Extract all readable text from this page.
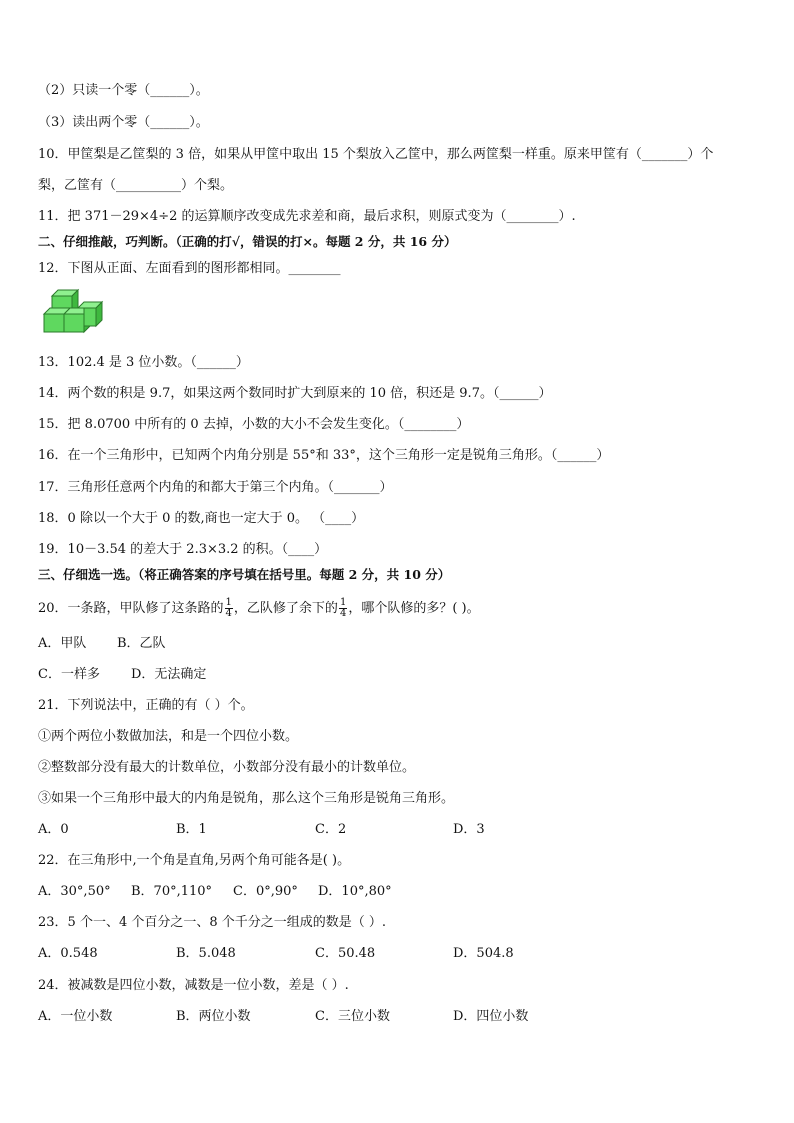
（2）只读一个零（______）。
（3）读出两个零（______）。
10．甲筐梨是乙筐梨的 3 倍，如果从甲筐中取出 15 个梨放入乙筐中，那么两筐梨一样重。原来甲筐有（_______）个
梨，乙筐有（__________）个梨。
11．把 371－29×4÷2 的运算顺序改变成先求差和商，最后求积，则原式变为（________）.
二、仔细推敲，巧判断。（正确的打√，错误的打×。每题 2 分，共 16 分）
12．下图从正面、左面看到的图形都相同。________
13．102.4 是 3 位小数。（______）
14．两个数的积是 9.7，如果这两个数同时扩大到原来的 10 倍，积还是 9.7。（______）
15．把 8.0700 中所有的 0 去掉，小数的大小不会发生变化。（________）
16．在一个三角形中，已知两个内角分别是 55°和 33°，这个三角形一定是锐角三角形。（______）
17．三角形任意两个内角的和都大于第三个内角。（_______）
18．0 除以一个大于 0 的数,商也一定大于 0。 （____）
19．10－3.54 的差大于 2.3×3.2 的积。（____）
三、仔细选一选。（将正确答案的序号填在括号里。每题 2 分，共 10 分）
20．一条路，甲队修了这条路的 $\frac{1}{4}$ ，乙队修了余下的 $\frac{1}{4}$ ，哪个队修的多？( )。
A．甲队 B．乙队
C．一样多 D．无法确定
21．下列说法中，正确的有（ ）个。
①两个两位小数做加法，和是一个四位小数。
②整数部分没有最大的计数单位，小数部分没有最小的计数单位。
③如果一个三角形中最大的内角是锐角，那么这个三角形是锐角三角形。
A．0	B．1	C．2	D．3
22．在三角形中,一个角是直角,另两个角可能各是( )。
A．30°,50° B．70°,110° C．0°,90° D．10°,80°
23．5 个一、4 个百分之一、8 个千分之一组成的数是（ ）.
A．0.548	B．5.048	C．50.48	D．504.8
24．被减数是四位小数，减数是一位小数，差是（ ）.
A．一位小数	B．两位小数	C．三位小数	D．四位小数
